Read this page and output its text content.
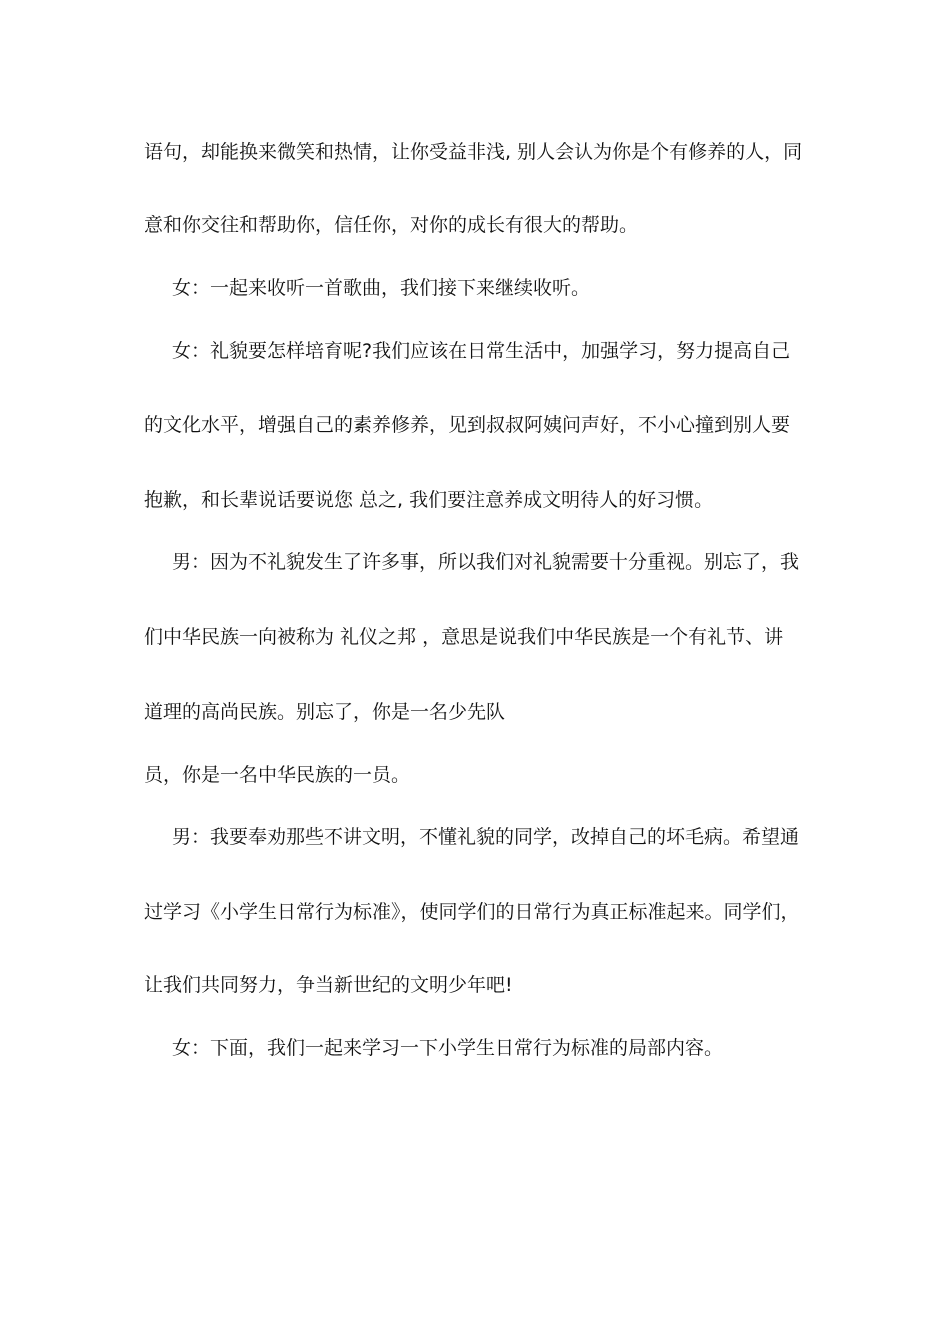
语句，却能换来微笑和热情，让你受益非浅, 别人会认为你是个有修养的人，同
意和你交往和帮助你，信任你，对你的成长有很大的帮助。
女：一起来收听一首歌曲，我们接下来继续收听。
女：礼貌要怎样培育呢?我们应该在日常生活中，加强学习，努力提高自己
的文化水平，增强自己的素养修养，见到叔叔阿姨问声好，不小心撞到别人要
抱歉，和长辈说话要说您 总之, 我们要注意养成文明待人的好习惯。
男：因为不礼貌发生了许多事，所以我们对礼貌需要十分重视。别忘了，我
们中华民族一向被称为 礼仪之邦 ，意思是说我们中华民族是一个有礼节、讲
道理的高尚民族。别忘了，你是一名少先队
员，你是一名中华民族的一员。
男：我要奉劝那些不讲文明，不懂礼貌的同学，改掉自己的坏毛病。希望通
过学习《小学生日常行为标准》，使同学们的日常行为真正标准起来。同学们，
让我们共同努力，争当新世纪的文明少年吧!
女：下面，我们一起来学习一下小学生日常行为标准的局部内容。
